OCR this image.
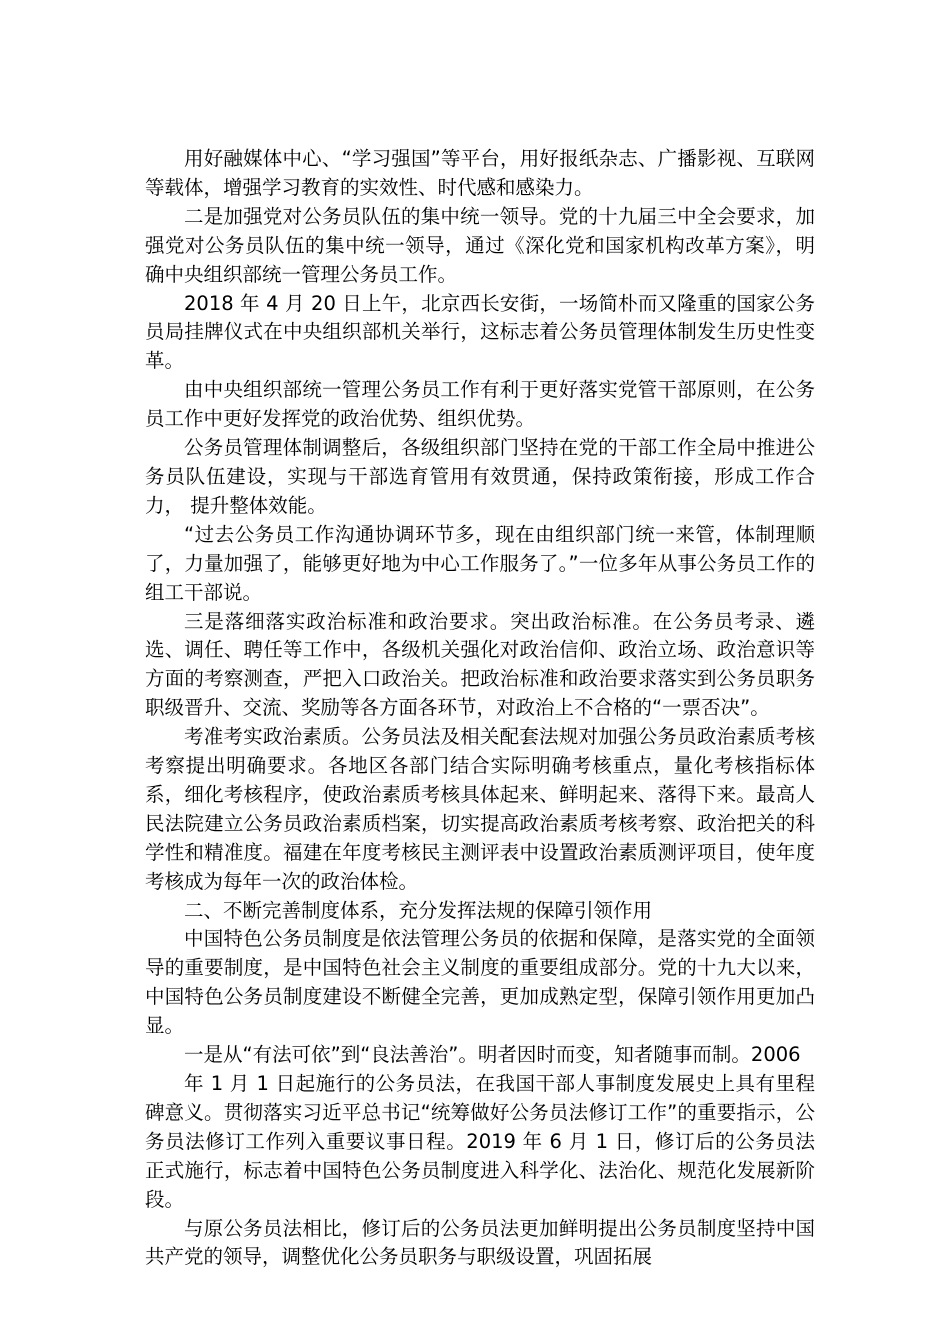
用好融媒体中心、“学习强国”等平台，用好报纸杂志、广播影视、互联网等载体，增强学习教育的实效性、时代感和感染力。

二是加强党对公务员队伍的集中统一领导。党的十九届三中全会要求，加强党对公务员队伍的集中统一领导，通过《深化党和国家机构改革方案》，明确中央组织部统一管理公务员工作。

2018 年 4 月 20 日上午，北京西长安街，一场简朴而又隆重的国家公务员局挂牌仪式在中央组织部机关举行，这标志着公务员管理体制发生历史性变革。

由中央组织部统一管理公务员工作有利于更好落实党管干部原则，在公务员工作中更好发挥党的政治优势、组织优势。

公务员管理体制调整后，各级组织部门坚持在党的干部工作全局中推进公务员队伍建设，实现与干部选育管用有效贯通，保持政策衔接，形成工作合力， 提升整体效能。

“过去公务员工作沟通协调环节多，现在由组织部门统一来管，体制理顺了，力量加强了，能够更好地为中心工作服务了。”一位多年从事公务员工作的组工干部说。

三是落细落实政治标准和政治要求。突出政治标准。在公务员考录、遴选、调任、聘任等工作中，各级机关强化对政治信仰、政治立场、政治意识等方面的考察测查，严把入口政治关。把政治标准和政治要求落实到公务员职务职级晋升、交流、奖励等各方面各环节，对政治上不合格的“一票否决”。

考准考实政治素质。公务员法及相关配套法规对加强公务员政治素质考核考察提出明确要求。各地区各部门结合实际明确考核重点，量化考核指标体系，细化考核程序，使政治素质考核具体起来、鲜明起来、落得下来。最高人民法院建立公务员政治素质档案，切实提高政治素质考核考察、政治把关的科学性和精准度。福建在年度考核民主测评表中设置政治素质测评项目，使年度考核成为每年一次的政治体检。

二、不断完善制度体系，充分发挥法规的保障引领作用

中国特色公务员制度是依法管理公务员的依据和保障，是落实党的全面领导的重要制度，是中国特色社会主义制度的重要组成部分。党的十九大以来，中国特色公务员制度建设不断健全完善，更加成熟定型，保障引领作用更加凸显。

一是从“有法可依”到“良法善治”。明者因时而变，知者随事而制。2006

年 1 月 1 日起施行的公务员法，在我国干部人事制度发展史上具有里程碑意义。贯彻落实习近平总书记“统筹做好公务员法修订工作”的重要指示，公务员法修订工作列入重要议事日程。2019 年 6 月 1 日，修订后的公务员法正式施行，标志着中国特色公务员制度进入科学化、法治化、规范化发展新阶段。

与原公务员法相比，修订后的公务员法更加鲜明提出公务员制度坚持中国共产党的领导，调整优化公务员职务与职级设置，巩固拓展
